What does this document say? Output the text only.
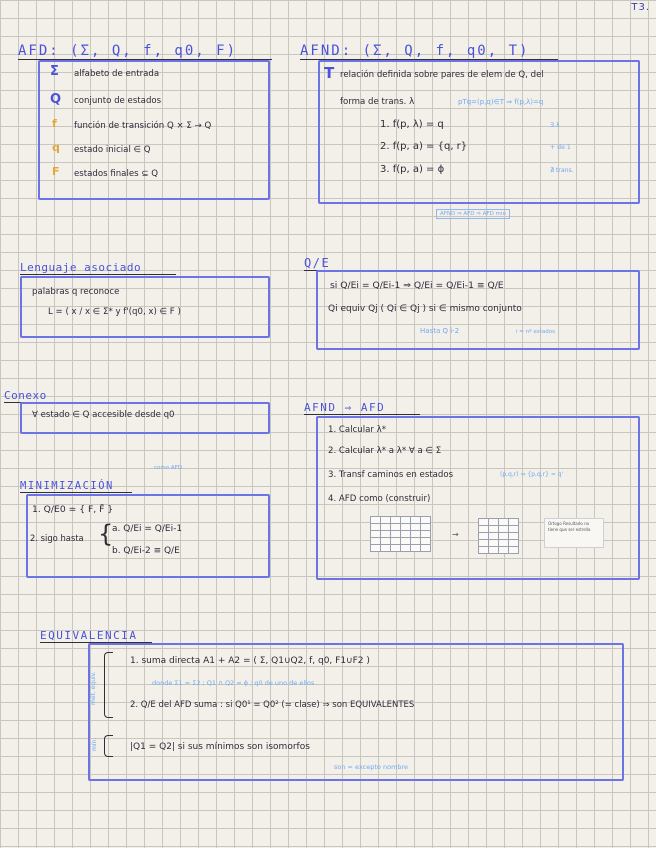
T3.
AFD: (Σ, Q, f, q0, F)
Σ alfabeto de entrada
Q conjunto de estados
f función de transición Q × Σ → Q
q estado inicial ∈ Q
F estados finales ⊆ Q
AFND: (Σ, Q, f, q0, T)
T relación definida sobre pares de elem de Q, del
forma de trans. λ	pTq=(p,q)∈T ⇒ f(p,λ)=q
1. f(p, λ) = q	∃ λ
2. f(p, a) = {q, r}	+ de 1
3. f(p, a) = ϕ	∄ trans.
AFND ⇒ AFD ⇒ AFD min
Lenguaje asociado
palabras q reconoce
L = ( x / x ∈ Σ* y f'(q0, x) ∈ F )
Q/E
si Q/Ei = Q/Ei-1 ⇒ Q/Ei = Q/Ei-1 ≡ Q/E
Qi equiv Qj ( Qi ∈ Qj ) si ∈ mismo conjunto
Hasta Q i-2	i = nº estados
Conexo
∀ estado ∈ Q accesible desde q0
como AFD
MINIMIZACIÓN
1. Q/E0 = { F, F̄ }
2. sigo hasta {
a. Q/Ei = Q/Ei-1
b. Q/Ei-2 ≡ Q/E
AFND ⇒ AFD
1. Calcular λ*
2. Calcular λ* a λ* ∀ a ∈ Σ
3. Transf caminos en estados	(p,q,r) ⇒ {p,q,r} = q'
4. AFD como (construir)

→

Ortogo Resultado no tiene que ser estrella
EQUIVALENCIA
mét. equiv.
1. suma directa A1 + A2 = ( Σ, Q1∪Q2, f, q0, F1∪F2 )
donde Σ1 = Σ2 ; Q1 ∩ Q2 = ϕ ; q0 de uno de ellos
2. Q/E del AFD suma : si Q0¹ = Q0² (= clase) ⇒ son EQUIVALENTES
mín.	|Q1 = Q2| si sus mínimos son isomorfos
son = excepto nombre
